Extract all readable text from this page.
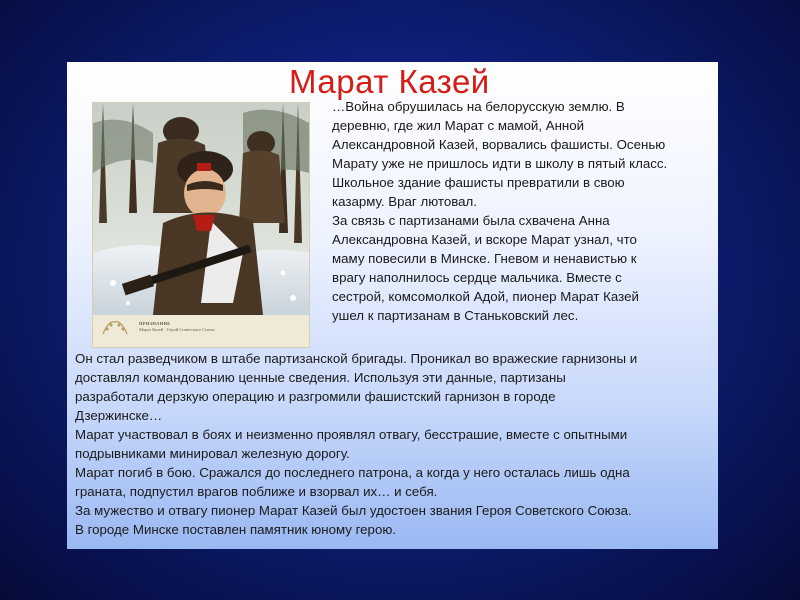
Марат Казей
ПРИЗНАНИЕ
Марат Казей · Герой Советского Союза

…Война обрушилась на белорусскую землю. В

деревню, где жил Марат с мамой, Анной

Александровной Казей, ворвались фашисты. Осенью

Марату уже не пришлось идти в школу в пятый класс.

Школьное здание фашисты превратили в свою

казарму. Враг лютовал.

За связь с партизанами была схвачена Анна

Александровна Казей, и вскоре Марат узнал, что

маму повесили в Минске. Гневом и ненавистью к

врагу наполнилось сердце мальчика. Вместе с

сестрой, комсомолкой Адой, пионер Марат Казей

ушел к партизанам в Станьковский лес.

Он стал разведчиком в штабе партизанской бригады. Проникал во вражеские гарнизоны и

доставлял командованию ценные сведения. Используя эти данные, партизаны

разработали дерзкую операцию и разгромили фашистский гарнизон в городе

Дзержинске…

Марат участвовал в боях и неизменно проявлял отвагу, бесстрашие, вместе с опытными

подрывниками минировал железную дорогу.

Марат погиб в бою. Сражался до последнего патрона, а когда у него осталась лишь одна

граната, подпустил врагов поближе и взорвал их… и себя.

За мужество и отвагу пионер Марат Казей был удостоен звания Героя Советского Союза.

В городе Минске поставлен памятник юному герою.
